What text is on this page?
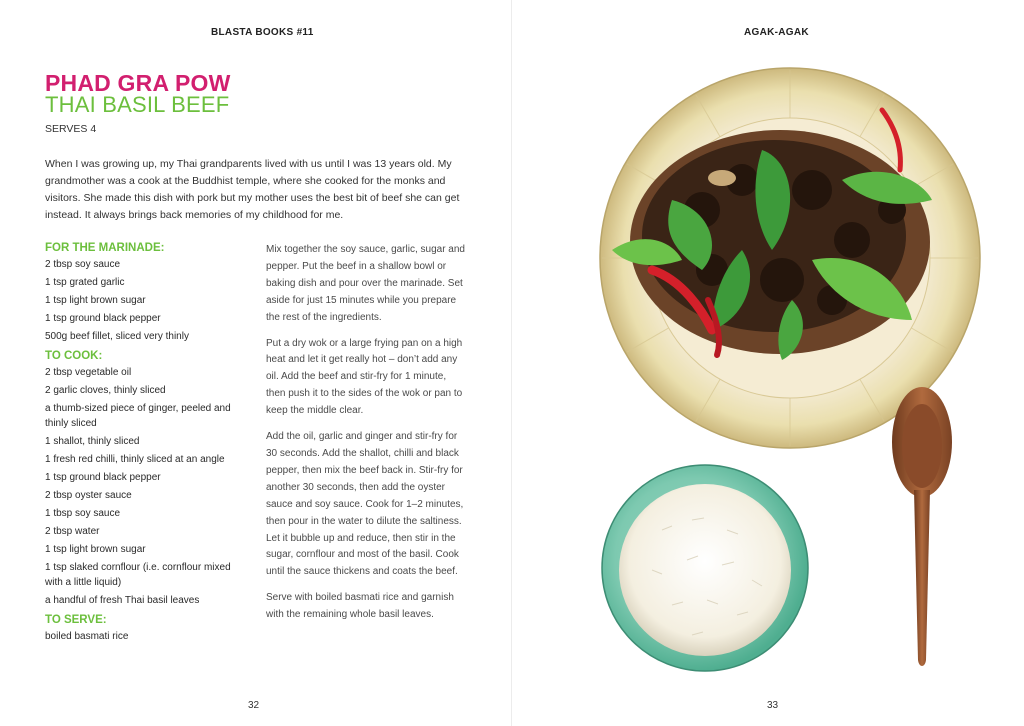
BLASTA BOOKS #11
PHAD GRA POW
THAI BASIL BEEF
SERVES 4

When I was growing up, my Thai grandparents lived with us until I was 13 years old. My grandmother was a cook at the Buddhist temple, where she cooked for the monks and visitors. She made this dish with pork but my mother uses the best bit of beef she can get instead. It always brings back memories of my childhood for me.

FOR THE MARINADE:
2 tbsp soy sauce
1 tsp grated garlic
1 tsp light brown sugar
1 tsp ground black pepper
500g beef fillet, sliced very thinly
TO COOK:
2 tbsp vegetable oil
2 garlic cloves, thinly sliced
a thumb-sized piece of ginger, peeled and thinly sliced
1 shallot, thinly sliced
1 fresh red chilli, thinly sliced at an angle
1 tsp ground black pepper
2 tbsp oyster sauce
1 tbsp soy sauce
2 tbsp water
1 tsp light brown sugar
1 tsp slaked cornflour (i.e. cornflour mixed with a little liquid)
a handful of fresh Thai basil leaves
TO SERVE:
boiled basmati rice

Mix together the soy sauce, garlic, sugar and pepper. Put the beef in a shallow bowl or baking dish and pour over the marinade. Set aside for just 15 minutes while you prepare the rest of the ingredients.

Put a dry wok or a large frying pan on a high heat and let it get really hot – don’t add any oil. Add the beef and stir-fry for 1 minute, then push it to the sides of the wok or pan to keep the middle clear.

Add the oil, garlic and ginger and stir-fry for 30 seconds. Add the shallot, chilli and black pepper, then mix the beef back in. Stir-fry for another 30 seconds, then add the oyster sauce and soy sauce. Cook for 1–2 minutes, then pour in the water to dilute the saltiness. Let it bubble up and reduce, then stir in the sugar, cornflour and most of the basil. Cook until the sauce thickens and coats the beef.

Serve with boiled basmati rice and garnish with the remaining whole basil leaves.

32
AGAK-AGAK
33
